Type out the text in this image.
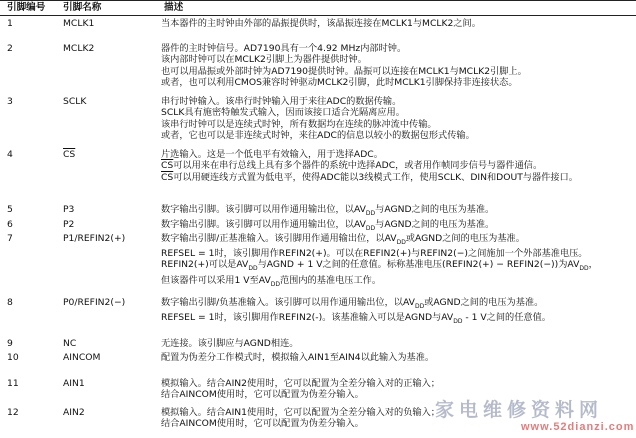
引脚编号 引脚名称	描述
1	MCLK1	当本器件的主时钟由外部的晶振提供时，该晶振连接在MCLK1与MCLK2之间。
2	MCLK2	器件的主时钟信号。AD7190具有一个4.92 MHz内部时钟。
该内部时钟可以在MCLK2引脚上为器件提供时钟。
也可以用晶振或外部时钟为AD7190提供时钟。晶振可以连接在MCLK1与MCLK2引脚上。
或者，也可以利用CMOS兼容时钟驱动MCLK2引脚，此时MCLK1引脚保持非连接状态。
3	SCLK	串行时钟输入。该串行时钟输入用于来往ADC的数据传输。
SCLK具有施密特触发式输入，因而该接口适合光隔离应用。
该串行时钟可以是连续式时钟，所有数据均在连续的脉冲流中传输。
或者，它也可以是非连续式时钟，来往ADC的信息以较小的数据包形式传输。
4	$\overline{CS}$	片选输入。这是一个低电平有效输入，用于选择ADC。
$\overline{CS}$可以用来在串行总线上具有多个器件的系统中选择ADC，或者用作帧同步信号与器件通信。
$\overline{CS}$可以用硬连线方式置为低电平，使得ADC能以3线模式工作，使用SCLK、DIN和DOUT与器件接口。
5	P3	数字输出引脚。该引脚可以用作通用输出位，以$AV_{DD}$与AGND之间的电压为基准。
6	P2	数字输出引脚。该引脚可以用作通用输出位，以$AV_{DD}$与AGND之间的电压为基准。
7	P1/REFIN2(+)	数字输出引脚/正基准输入。该引脚用作通用输出位，以$AV_{DD}$或AGND之间的电压为基准。
REFSEL = 1时，该引脚用作REFIN2(+)。可以在REFIN2(+)与REFIN2(−)之间施加一个外部基准电压。
REFIN2(+)可以是$AV_{DD}$与AGND + 1 V之间的任意值。标称基准电压(REFIN2(+) − REFIN2(−))为$AV_{DD}$，
但该器件可以采用1 V至$AV_{DD}$范围内的基准电压工作。
8	P0/REFIN2(−)	数字输出引脚/负基准输入。该引脚可以用作通用输出位，以$AV_{DD}$或AGND之间的电压为基准。
REFSEL = 1时，该引脚用作REFIN2(-)。该基准输入可以是AGND与$AV_{DD} - 1$ V之间的任意值。
9	NC	无连接。该引脚应与AGND相连。
10	AINCOM	配置为伪差分工作模式时，模拟输入AIN1至AIN4以此输入为基准。
11	AIN1	模拟输入。结合AIN2使用时，它可以配置为全差分输入对的正输入；
结合AINCOM使用时，它可以配置为伪差分输入。
12	AIN2	模拟输入。结合AIN1使用时，它可以配置为全差分输入对的负输入；
结合AINCOM使用时，它可以配置为伪差分输入。
家电维修资料网
www.52dianzi.com
